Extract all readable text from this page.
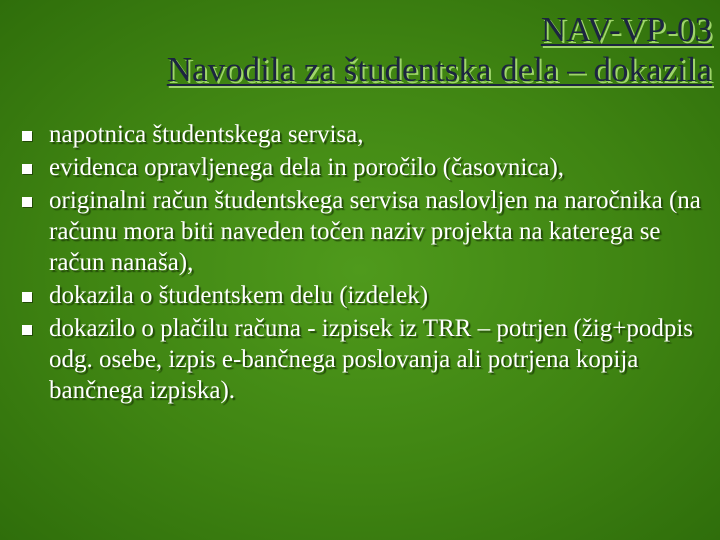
NAV-VP-03
Navodila za študentska dela – dokazila
napotnica študentskega servisa,
evidenca opravljenega dela in poročilo (časovnica),
originalni račun študentskega servisa naslovljen na naročnika (na računu mora biti naveden točen naziv projekta na katerega se račun nanaša),
dokazila o študentskem delu (izdelek)
dokazilo o plačilu računa - izpisek iz TRR – potrjen (žig+podpis odg. osebe, izpis e-bančnega poslovanja ali potrjena kopija bančnega izpiska).
